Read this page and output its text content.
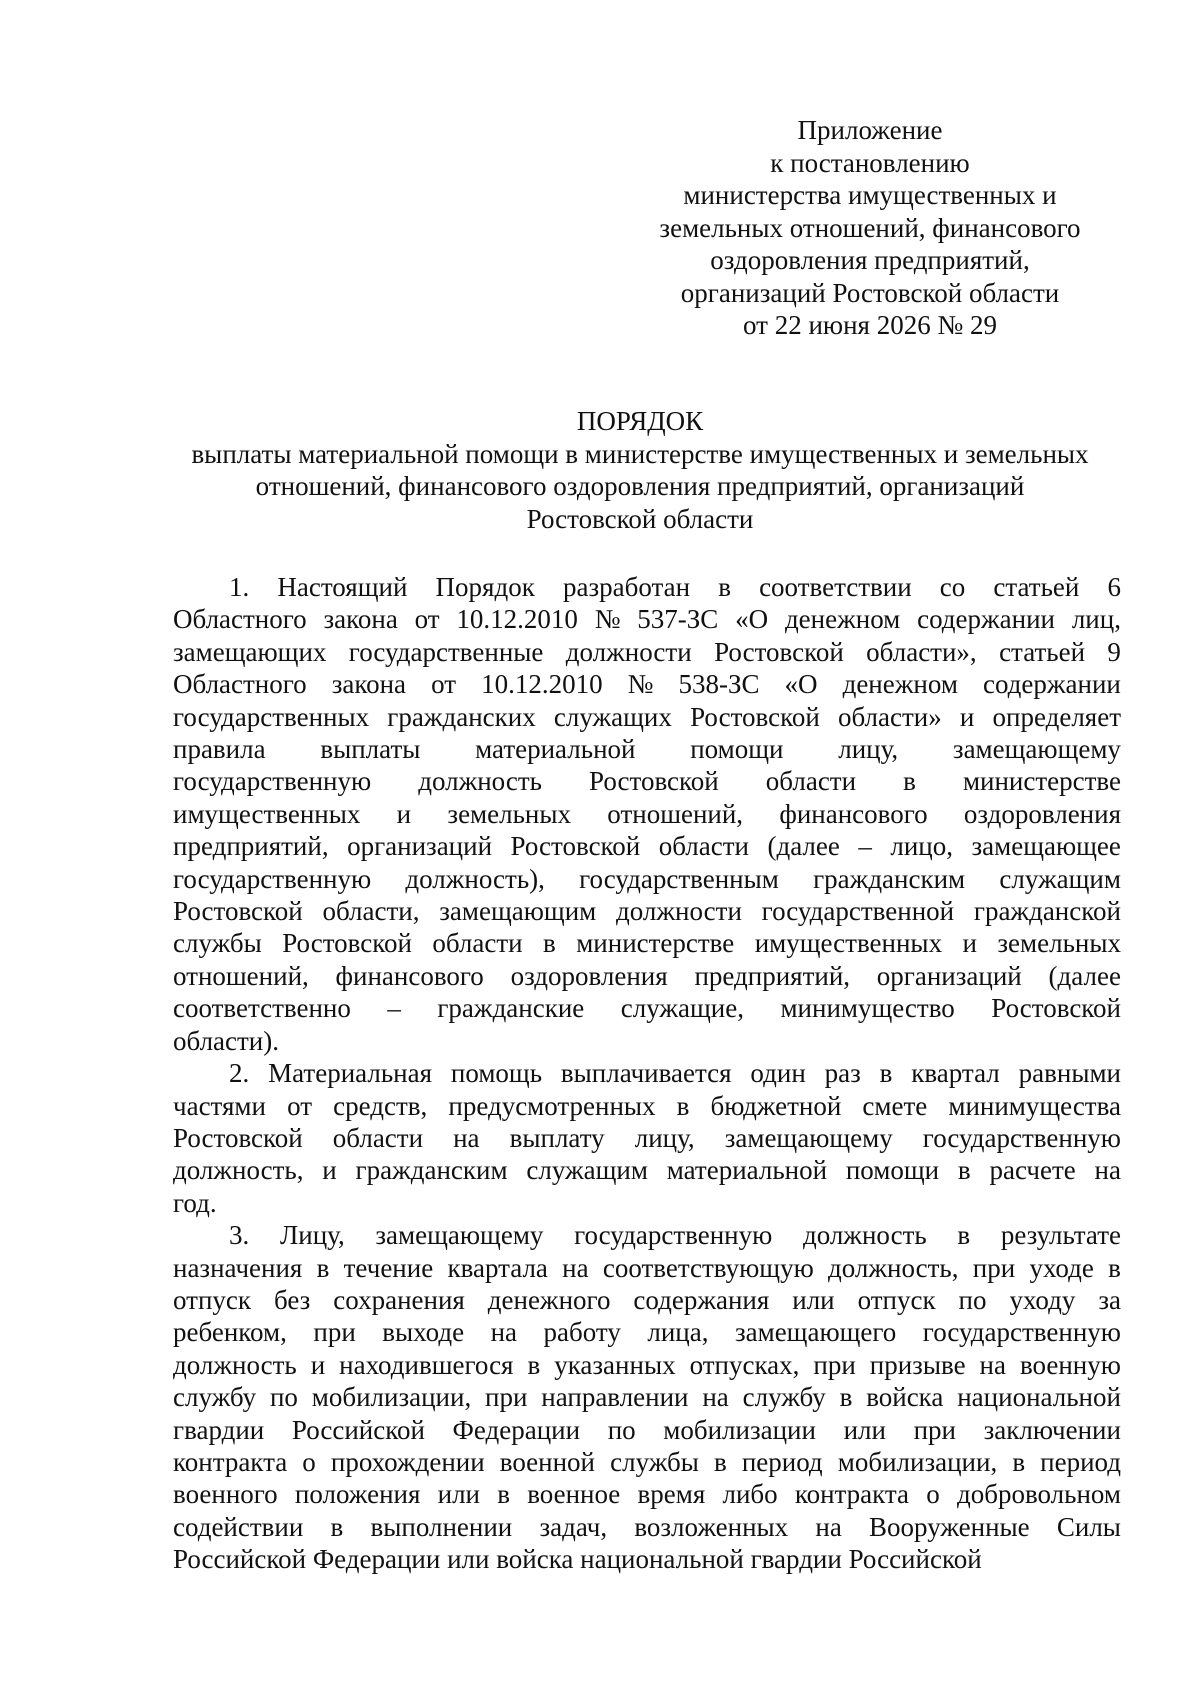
Приложение
к постановлению
министерства имущественных и
земельных отношений, финансового
оздоровления предприятий,
организаций Ростовской области
от 22 июня 2026 № 29
ПОРЯДОК
выплаты материальной помощи в министерстве имущественных и земельных
отношений, финансового оздоровления предприятий, организаций
Ростовской области
1. Настоящий Порядок разработан в соответствии со статьей 6
Областного закона от 10.12.2010 № 537-ЗС «О денежном содержании лиц,
замещающих государственные должности Ростовской области», статьей 9
Областного закона от 10.12.2010 № 538-ЗС «О денежном содержании
государственных гражданских служащих Ростовской области» и определяет
правила выплаты материальной помощи лицу, замещающему
государственную должность Ростовской области в министерстве
имущественных и земельных отношений, финансового оздоровления
предприятий, организаций Ростовской области (далее – лицо, замещающее
государственную должность), государственным гражданским служащим
Ростовской области, замещающим должности государственной гражданской
службы Ростовской области в министерстве имущественных и земельных
отношений, финансового оздоровления предприятий, организаций (далее
соответственно – гражданские служащие, минимущество Ростовской
области).
2. Материальная помощь выплачивается один раз в квартал равными
частями от средств, предусмотренных в бюджетной смете минимущества
Ростовской области на выплату лицу, замещающему государственную
должность, и гражданским служащим материальной помощи в расчете на
год.
3. Лицу, замещающему государственную должность в результате
назначения в течение квартала на соответствующую должность, при уходе в
отпуск без сохранения денежного содержания или отпуск по уходу за
ребенком, при выходе на работу лица, замещающего государственную
должность и находившегося в указанных отпусках, при призыве на военную
службу по мобилизации, при направлении на службу в войска национальной
гвардии Российской Федерации по мобилизации или при заключении
контракта о прохождении военной службы в период мобилизации, в период
военного положения или в военное время либо контракта о добровольном
содействии в выполнении задач, возложенных на Вооруженные Силы
Российской Федерации или войска национальной гвардии Российской
